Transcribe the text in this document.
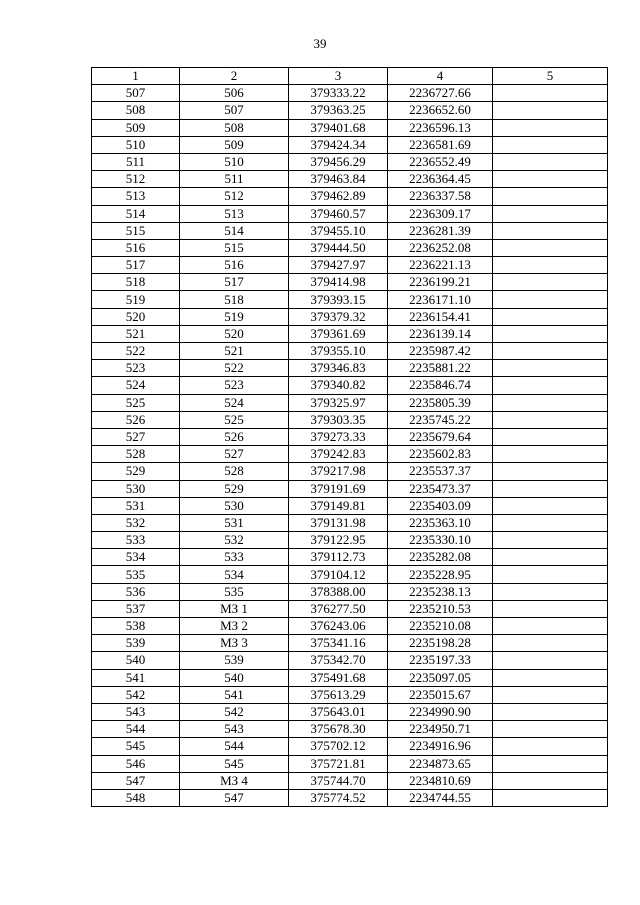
39
1	2	3	4	5
507	506	379333.22	2236727.66	
508	507	379363.25	2236652.60	
509	508	379401.68	2236596.13	
510	509	379424.34	2236581.69	
511	510	379456.29	2236552.49	
512	511	379463.84	2236364.45	
513	512	379462.89	2236337.58	
514	513	379460.57	2236309.17	
515	514	379455.10	2236281.39	
516	515	379444.50	2236252.08	
517	516	379427.97	2236221.13	
518	517	379414.98	2236199.21	
519	518	379393.15	2236171.10	
520	519	379379.32	2236154.41	
521	520	379361.69	2236139.14	
522	521	379355.10	2235987.42	
523	522	379346.83	2235881.22	
524	523	379340.82	2235846.74	
525	524	379325.97	2235805.39	
526	525	379303.35	2235745.22	
527	526	379273.33	2235679.64	
528	527	379242.83	2235602.83	
529	528	379217.98	2235537.37	
530	529	379191.69	2235473.37	
531	530	379149.81	2235403.09	
532	531	379131.98	2235363.10	
533	532	379122.95	2235330.10	
534	533	379112.73	2235282.08	
535	534	379104.12	2235228.95	
536	535	378388.00	2235238.13	
537	МЗ 1	376277.50	2235210.53	
538	МЗ 2	376243.06	2235210.08	
539	МЗ 3	375341.16	2235198.28	
540	539	375342.70	2235197.33	
541	540	375491.68	2235097.05	
542	541	375613.29	2235015.67	
543	542	375643.01	2234990.90	
544	543	375678.30	2234950.71	
545	544	375702.12	2234916.96	
546	545	375721.81	2234873.65	
547	МЗ 4	375744.70	2234810.69	
548	547	375774.52	2234744.55	
